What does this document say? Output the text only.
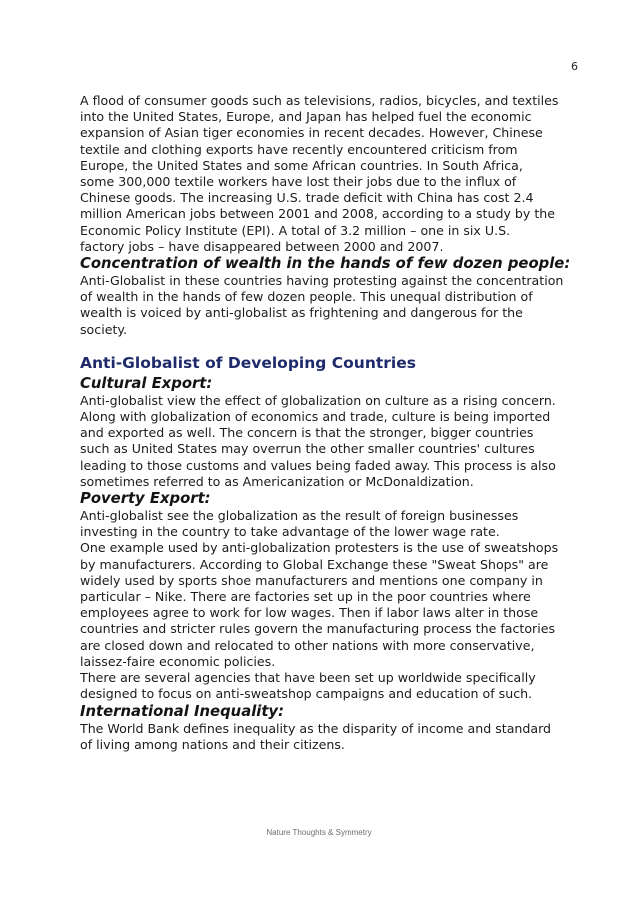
6

A flood of consumer goods such as televisions, radios, bicycles, and textiles
into the United States, Europe, and Japan has helped fuel the economic
expansion of Asian tiger economies in recent decades. However, Chinese
textile and clothing exports have recently encountered criticism from
Europe, the United States and some African countries. In South Africa,
some 300,000 textile workers have lost their jobs due to the influx of
Chinese goods. The increasing U.S. trade deficit with China has cost 2.4
million American jobs between 2001 and 2008, according to a study by the
Economic Policy Institute (EPI). A total of 3.2 million – one in six U.S.
factory jobs – have disappeared between 2000 and 2007.

Concentration of wealth in the hands of few dozen people:

Anti-Globalist in these countries having protesting against the concentration
of wealth in the hands of few dozen people. This unequal distribution of
wealth is voiced by anti-globalist as frightening and dangerous for the
society.

Anti-Globalist of Developing Countries
Cultural Export:

Anti-globalist view the effect of globalization on culture as a rising concern.
Along with globalization of economics and trade, culture is being imported
and exported as well. The concern is that the stronger, bigger countries
such as United States may overrun the other smaller countries' cultures
leading to those customs and values being faded away. This process is also
sometimes referred to as Americanization or McDonaldization.

Poverty Export:

Anti-globalist see the globalization as the result of foreign businesses
investing in the country to take advantage of the lower wage rate.
One example used by anti-globalization protesters is the use of sweatshops
by manufacturers. According to Global Exchange these "Sweat Shops" are
widely used by sports shoe manufacturers and mentions one company in
particular – Nike. There are factories set up in the poor countries where
employees agree to work for low wages. Then if labor laws alter in those
countries and stricter rules govern the manufacturing process the factories
are closed down and relocated to other nations with more conservative,
laissez-faire economic policies.
There are several agencies that have been set up worldwide specifically
designed to focus on anti-sweatshop campaigns and education of such.

International Inequality:

The World Bank defines inequality as the disparity of income and standard
of living among nations and their citizens.

Nature Thoughts & Symmetry
